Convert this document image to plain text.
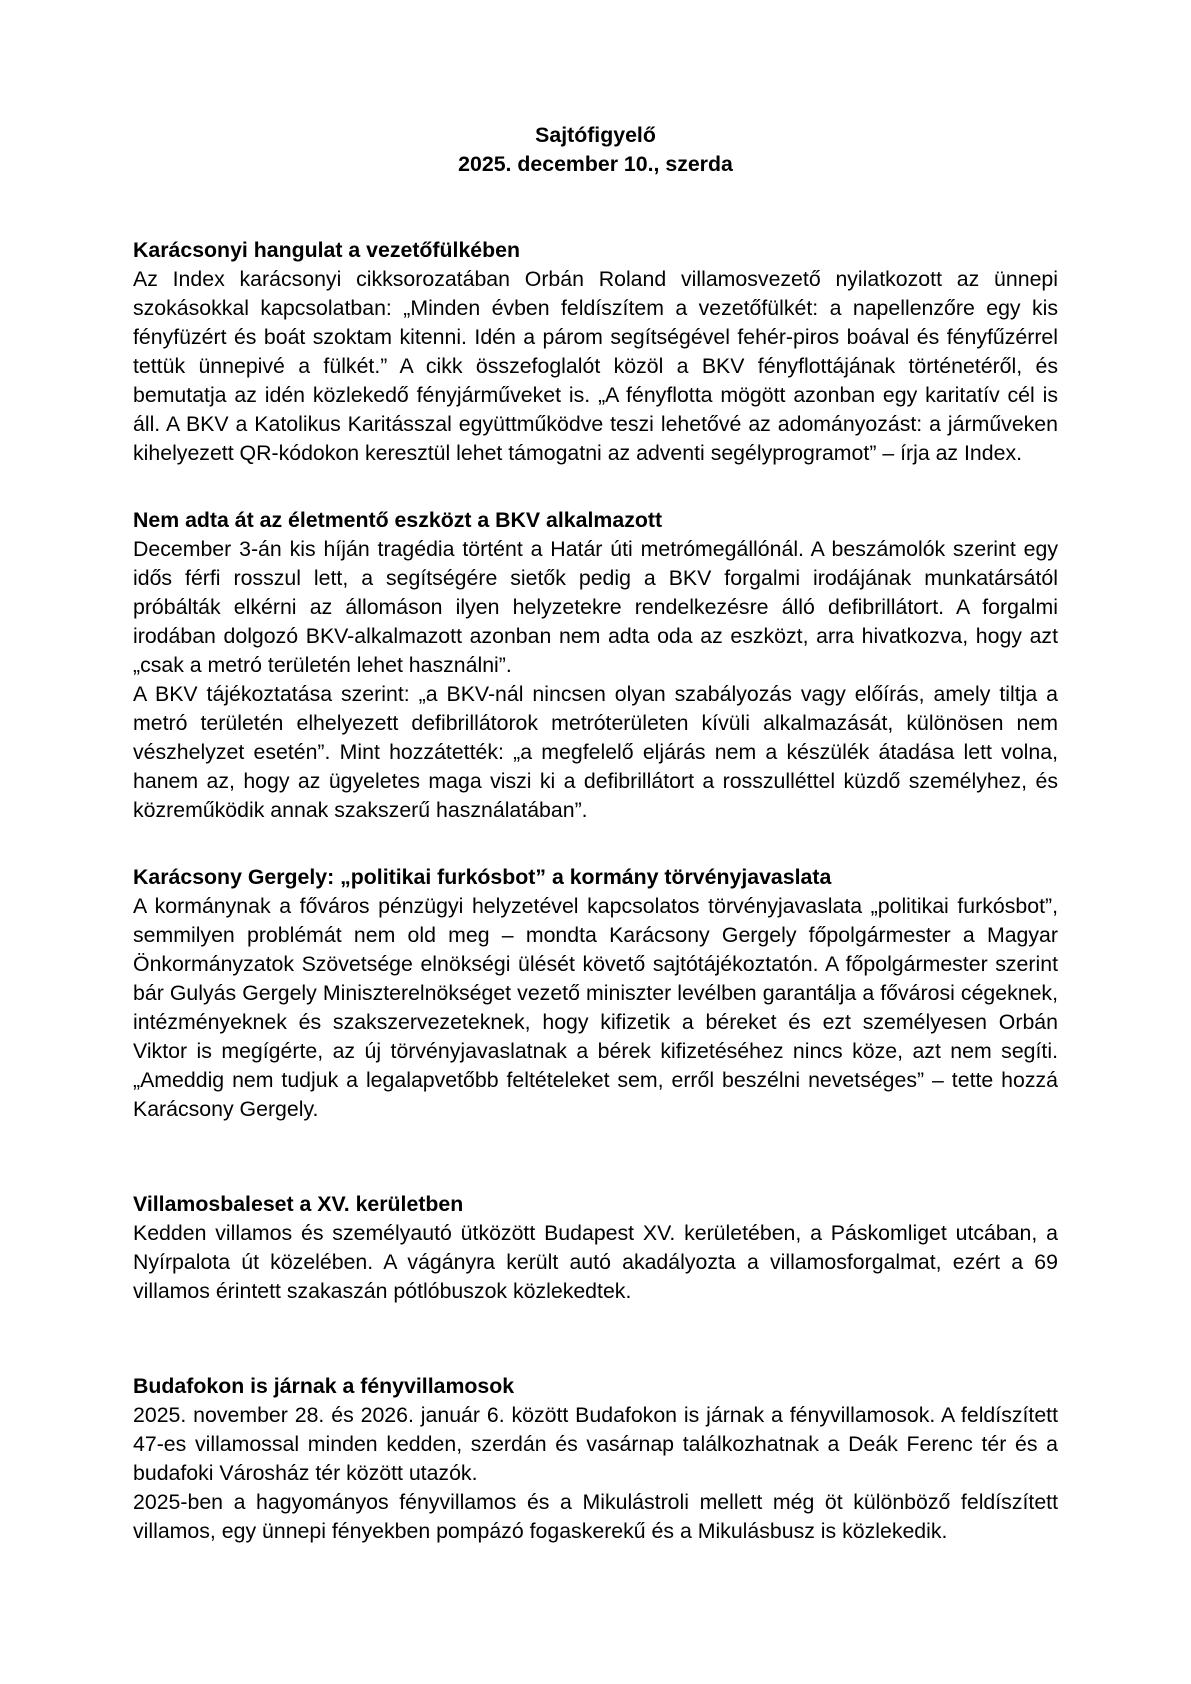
Sajtófigyelő

2025. december 10., szerda

Karácsonyi hangulat a vezetőfülkében

Az Index karácsonyi cikksorozatában Orbán Roland villamosvezető nyilatkozott az ünnepi szokásokkal kapcsolatban: „Minden évben feldíszítem a vezetőfülkét: a napellenzőre egy kis fényfüzért és boát szoktam kitenni. Idén a párom segítségével fehér-piros boával és fényfűzérrel tettük ünnepivé a fülkét.” A cikk összefoglalót közöl a BKV fényflottájának történetéről, és bemutatja az idén közlekedő fényjárműveket is. „A fényflotta mögött azonban egy karitatív cél is áll. A BKV a Katolikus Karitásszal együttműködve teszi lehetővé az adományozást: a járműveken kihelyezett QR-kódokon keresztül lehet támogatni az adventi segélyprogramot” – írja az Index.

Nem adta át az életmentő eszközt a BKV alkalmazott

December 3-án kis híján tragédia történt a Határ úti metrómegállónál. A beszámolók szerint egy idős férfi rosszul lett, a segítségére sietők pedig a BKV forgalmi irodájának munkatársától próbálták elkérni az állomáson ilyen helyzetekre rendelkezésre álló defibrillátort. A forgalmi irodában dolgozó BKV-alkalmazott azonban nem adta oda az eszközt, arra hivatkozva, hogy azt „csak a metró területén lehet használni”.

A BKV tájékoztatása szerint: „a BKV-nál nincsen olyan szabályozás vagy előírás, amely tiltja a metró területén elhelyezett defibrillátorok metróterületen kívüli alkalmazását, különösen nem vészhelyzet esetén”. Mint hozzátették: „a megfelelő eljárás nem a készülék átadása lett volna, hanem az, hogy az ügyeletes maga viszi ki a defibrillátort a rosszulléttel küzdő személyhez, és közreműködik annak szakszerű használatában”.

Karácsony Gergely: „politikai furkósbot” a kormány törvényjavaslata

A kormánynak a főváros pénzügyi helyzetével kapcsolatos törvényjavaslata „politikai furkósbot”, semmilyen problémát nem old meg – mondta Karácsony Gergely főpolgármester a Magyar Önkormányzatok Szövetsége elnökségi ülését követő sajtótájékoztatón. A főpolgármester szerint bár Gulyás Gergely Miniszterelnökséget vezető miniszter levélben garantálja a fővárosi cégeknek, intézményeknek és szakszervezeteknek, hogy kifizetik a béreket és ezt személyesen Orbán Viktor is megígérte, az új törvényjavaslatnak a bérek kifizetéséhez nincs köze, azt nem segíti. „Ameddig nem tudjuk a legalapvetőbb feltételeket sem, erről beszélni nevetséges” – tette hozzá Karácsony Gergely.

Villamosbaleset a XV. kerületben

Kedden villamos és személyautó ütközött Budapest XV. kerületében, a Páskomliget utcában, a Nyírpalota út közelében. A vágányra került autó akadályozta a villamosforgalmat, ezért a 69 villamos érintett szakaszán pótlóbuszok közlekedtek.

Budafokon is járnak a fényvillamosok

2025. november 28. és 2026. január 6. között Budafokon is járnak a fényvillamosok. A feldíszített 47-es villamossal minden kedden, szerdán és vasárnap találkozhatnak a Deák Ferenc tér és a budafoki Városház tér között utazók.

2025-ben a hagyományos fényvillamos és a Mikulástroli mellett még öt különböző feldíszített villamos, egy ünnepi fényekben pompázó fogaskerekű és a Mikulásbusz is közlekedik.
